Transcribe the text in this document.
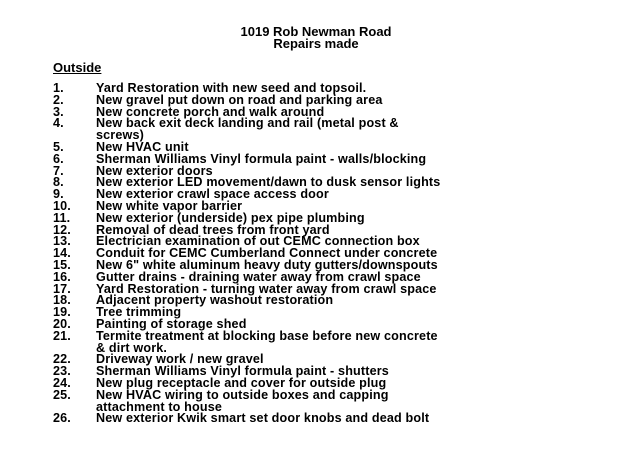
1019 Rob Newman Road
Repairs made
Outside
1.	Yard Restoration with new seed and topsoil.
2.	New gravel put down on road and parking area
3.	New concrete porch and walk around
4.	New back exit deck landing and rail (metal post &
screws)
5.	New HVAC unit
6.	Sherman Williams Vinyl formula paint - walls/blocking
7.	New exterior doors
8.	New exterior LED movement/dawn to dusk sensor lights
9.	New exterior crawl space access door
10. New white vapor barrier
11. New exterior (underside) pex pipe plumbing
12. Removal of dead trees from front yard
13. Electrician examination of out CEMC connection box
14. Conduit for CEMC Cumberland Connect under concrete
15. New 6" white aluminum heavy duty gutters/downspouts
16. Gutter drains - draining water away from crawl space
17. Yard Restoration - turning water away from crawl space
18. Adjacent property washout restoration
19. Tree trimming
20. Painting of storage shed
21. Termite treatment at blocking base before new concrete
& dirt work.
22. Driveway work / new gravel
23. Sherman Williams Vinyl formula paint - shutters
24. New plug receptacle and cover for outside plug
25. New HVAC wiring to outside boxes and capping
attachment to house
26. New exterior Kwik smart set door knobs and dead bolt
